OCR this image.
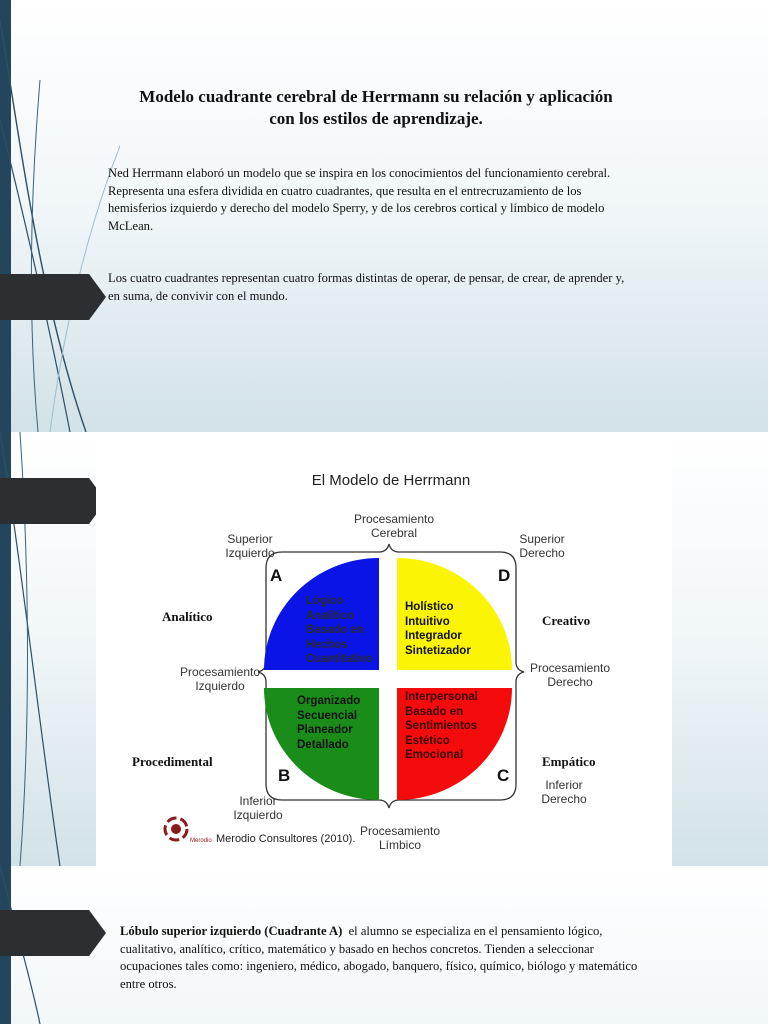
Modelo cuadrante cerebral de Herrmann su relación y aplicación
con los estilos de aprendizaje.
Ned Herrmann elaboró un modelo que se inspira en los conocimientos del funcionamiento cerebral. Representa una esfera dividida en cuatro cuadrantes, que resulta en el entrecruzamiento de los hemisferios izquierdo y derecho del modelo Sperry, y de los cerebros cortical y límbico de modelo McLean.
Los cuatro cuadrantes representan cuatro formas distintas de operar, de pensar, de crear, de aprender y, en suma, de convivir con el mundo.
El Modelo de Herrmann
Procesamiento
Cerebral
Superior
Izquierdo
Superior
Derecho
Procesamiento
Izquierdo
Procesamiento
Derecho
Inferior
Izquierdo
Inferior
Derecho
Procesamiento
Límbico
A	D
B	C
Lógico
Analítico
Basado en
Hechos
Cuantitativo
Holístico
Intuitivo
Integrador
Sintetizador
Organizado
Secuencial
Planeador
Detallado
Interpersonal
Basado en
Sentimientos
Estético
Emocional
Analítico	Creativo
Procedimental	Empático
Merodio Merodio Consultores (2010).
Lóbulo superior izquierdo (Cuadrante A) el alumno se especializa en el pensamiento lógico, cualitativo, analítico, crítico, matemático y basado en hechos concretos. Tienden a seleccionar ocupaciones tales como: ingeniero, médico, abogado, banquero, físico, químico, biólogo y matemático entre otros.
